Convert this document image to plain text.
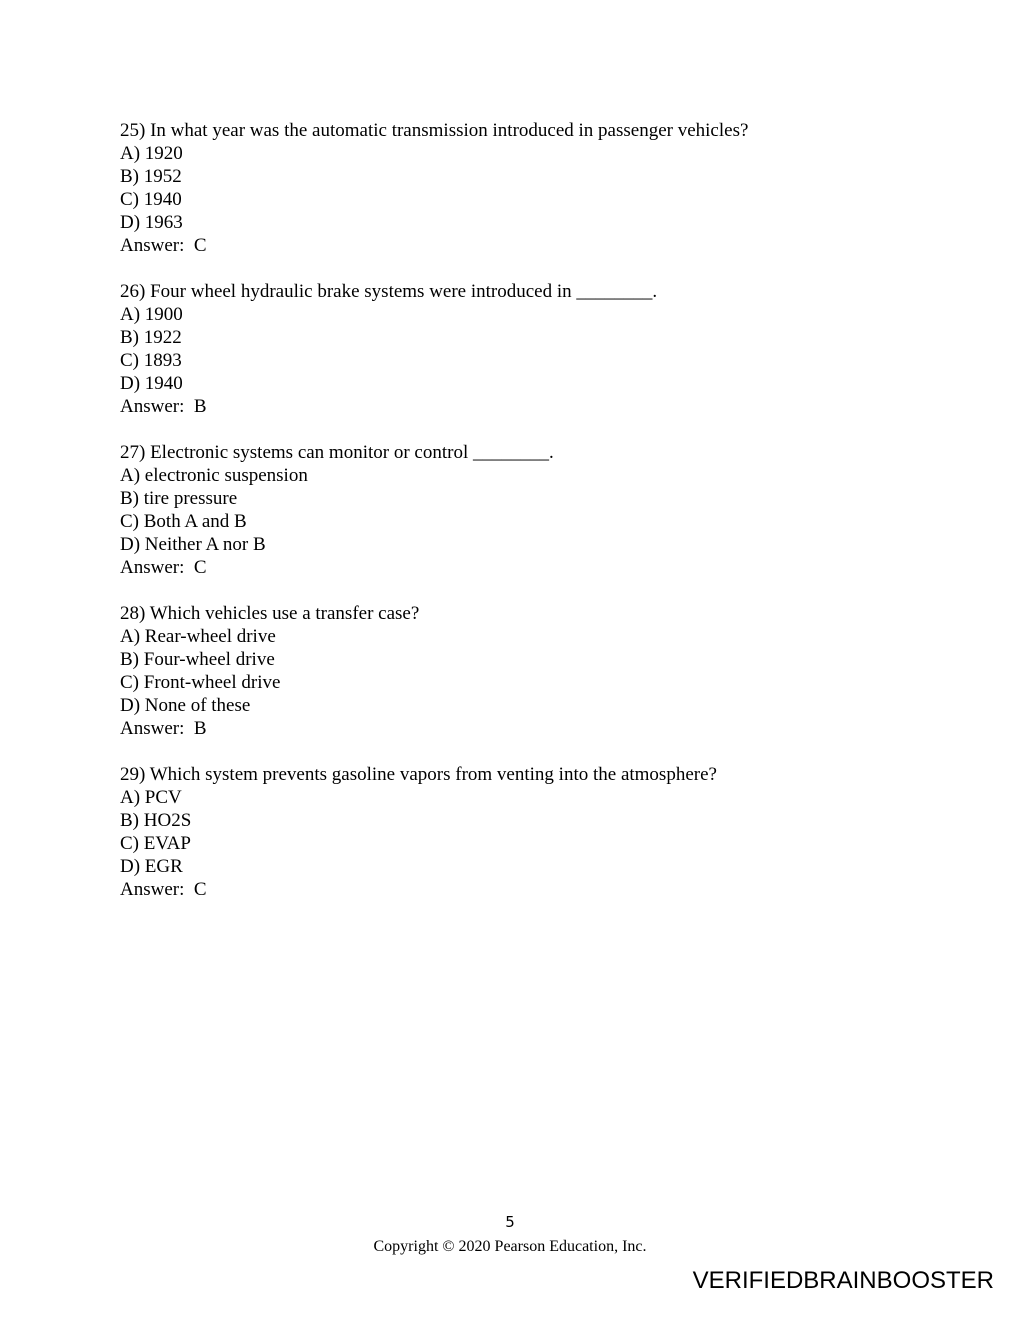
25) In what year was the automatic transmission introduced in passenger vehicles?
A) 1920
B) 1952
C) 1940
D) 1963
Answer:  C
26) Four wheel hydraulic brake systems were introduced in ________.
A) 1900
B) 1922
C) 1893
D) 1940
Answer:  B
27) Electronic systems can monitor or control ________.
A) electronic suspension
B) tire pressure
C) Both A and B
D) Neither A nor B
Answer:  C
28) Which vehicles use a transfer case?
A) Rear-wheel drive
B) Four-wheel drive
C) Front-wheel drive
D) None of these
Answer:  B
29) Which system prevents gasoline vapors from venting into the atmosphere?
A) PCV
B) HO2S
C) EVAP
D) EGR
Answer:  C
5
Copyright © 2020 Pearson Education, Inc.
VERIFIEDBRAINBOOSTER
